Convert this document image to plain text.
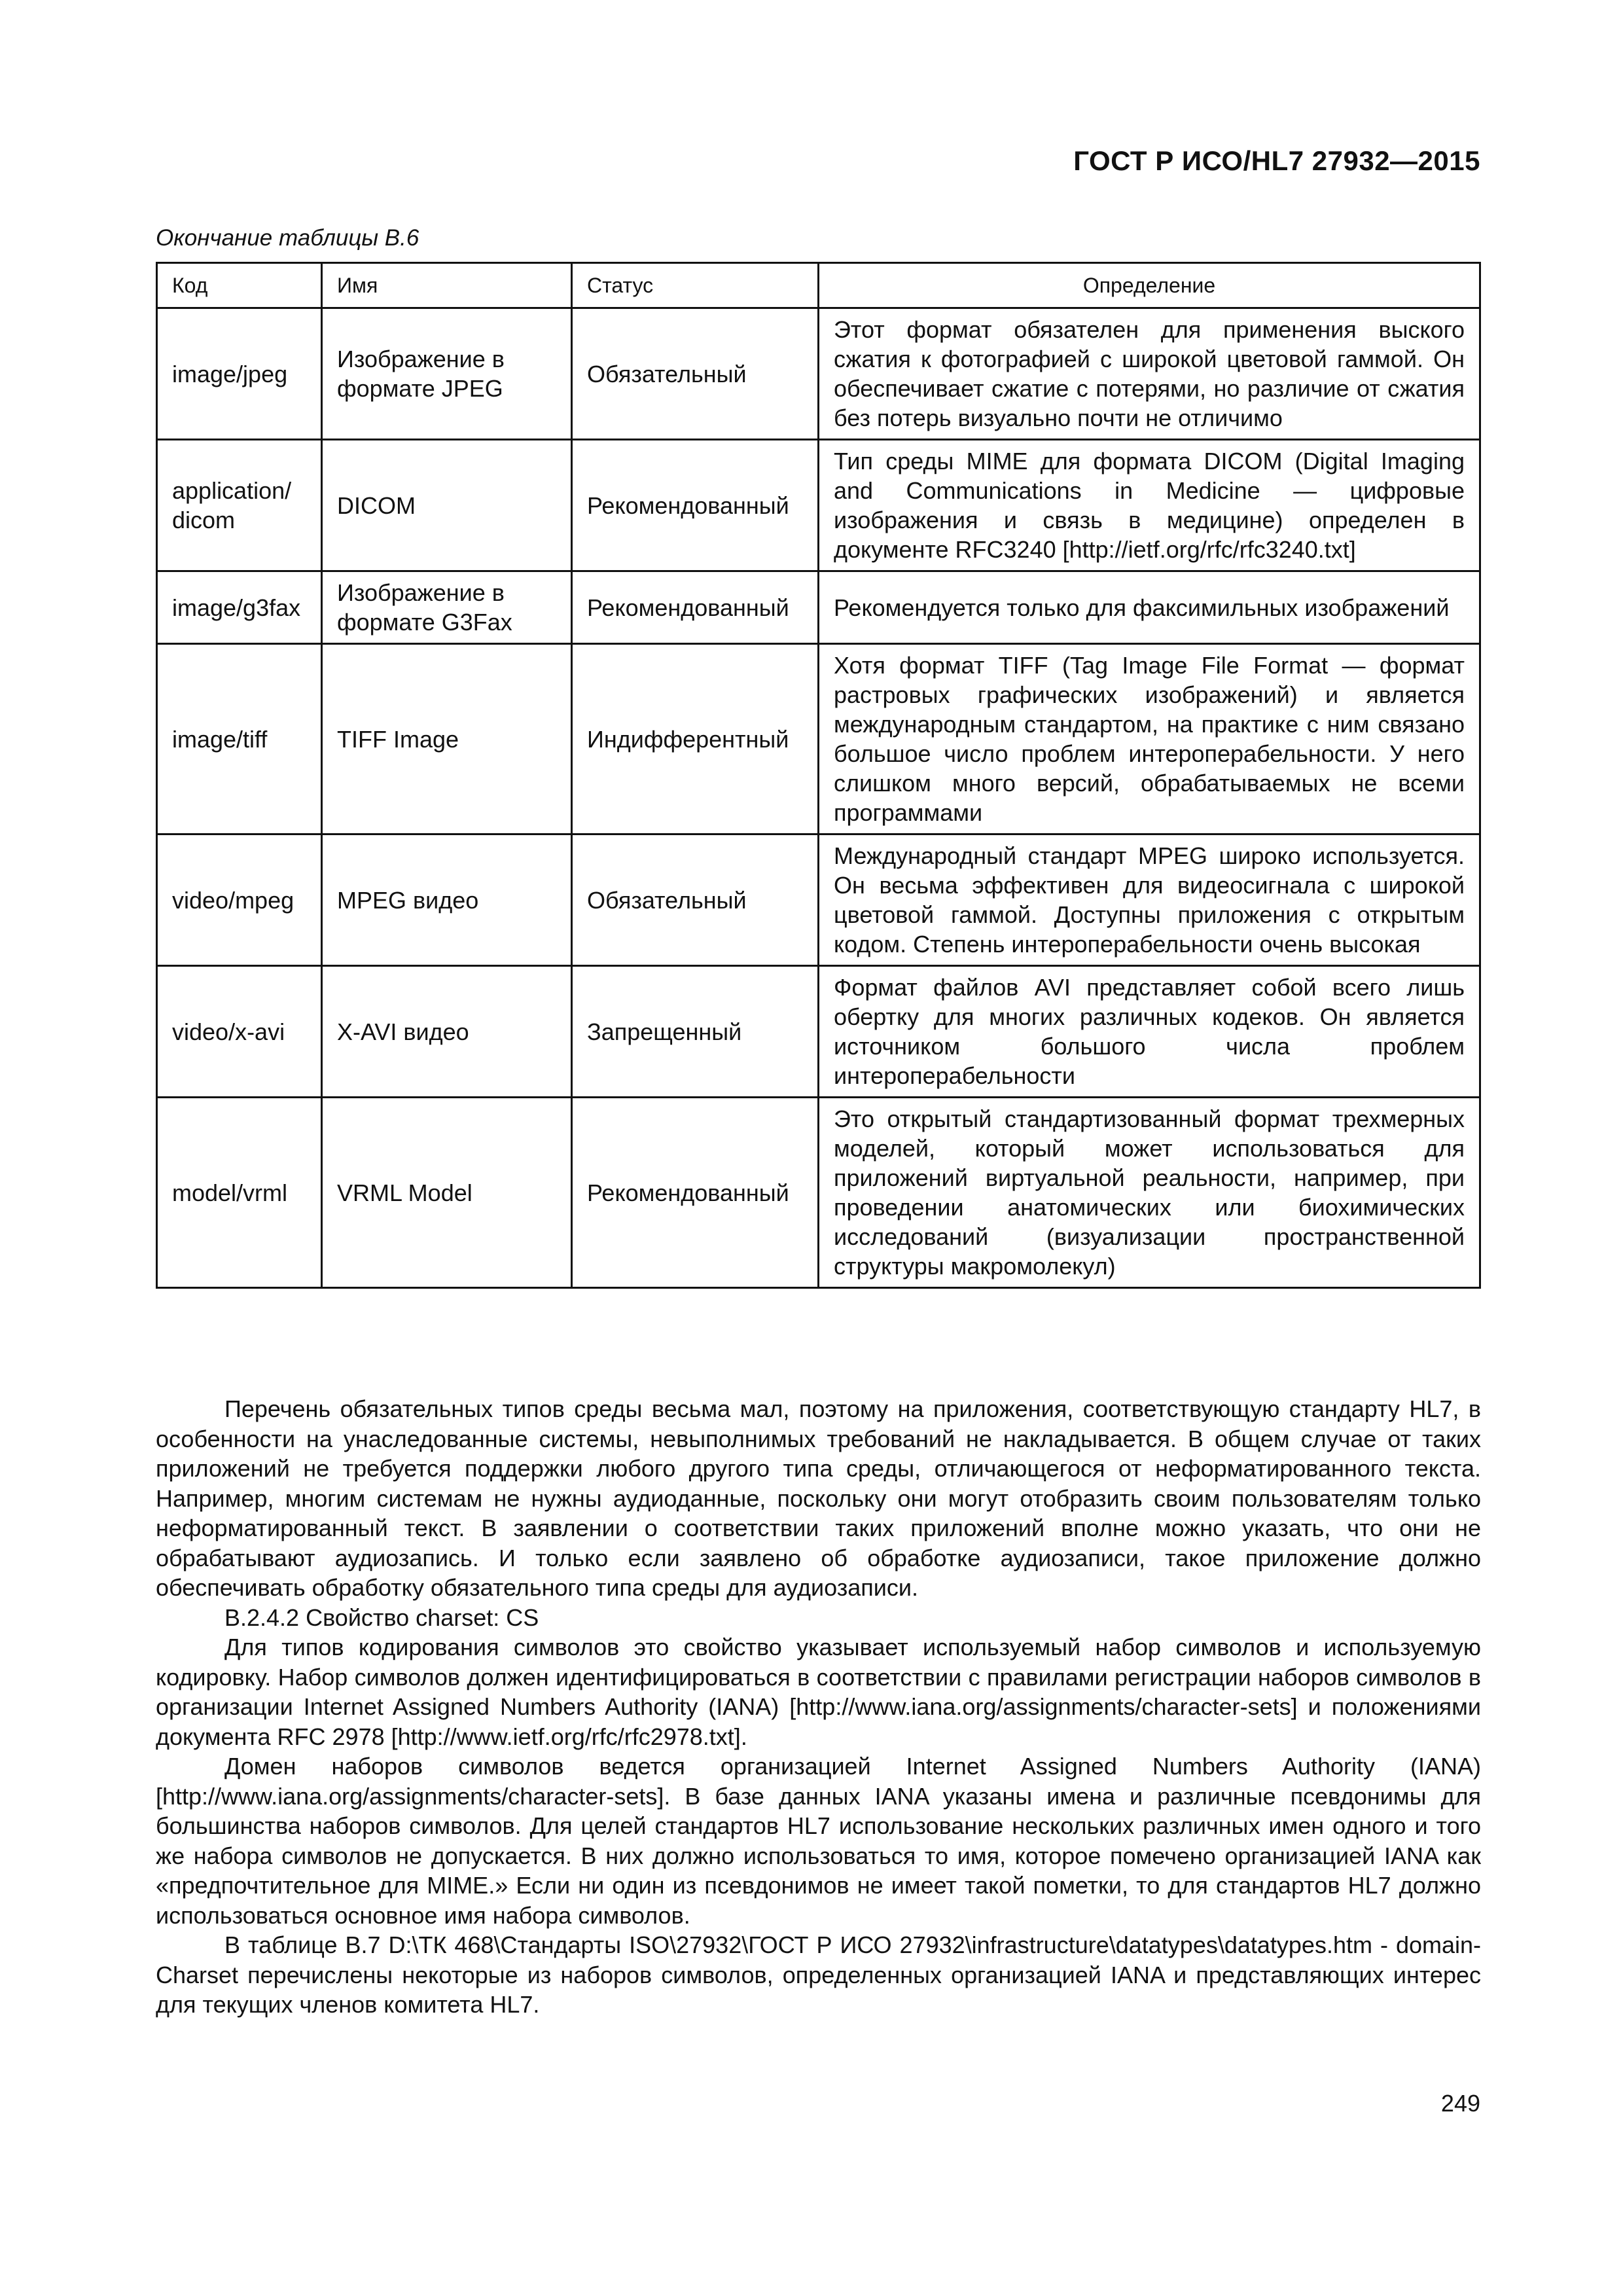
ГОСТ Р ИСО/HL7 27932—2015
Окончание таблицы В.6
Код	Имя	Статус	Определение
image/jpeg	Изображение в формате JPEG	Обязательный	Этот формат обязателен для применения выского сжатия к фотографией с широкой цветовой гаммой. Он обеспечивает сжатие с потерями, но различие от сжатия без потерь визуально почти не отличимо
application/ dicom	DICOM	Рекомендованный	Тип среды MIME для формата DICOM (Digital Imaging and Communications in Medicine — цифровые изображения и связь в медицине) определен в документе RFC3240 [http://ietf.org/rfc/rfc3240.txt]
image/g3fax	Изображение в формате G3Fax	Рекомендованный	Рекомендуется только для факсимильных изображений
image/tiff	TIFF Image	Индифферентный	Хотя формат TIFF (Tag Image File Format — формат растровых графических изображений) и является международным стандартом, на практике с ним связано большое число проблем интероперабельности. У него слишком много версий, обрабатываемых не всеми программами
video/mpeg	MPEG видео	Обязательный	Международный стандарт MPEG широко используется. Он весьма эффективен для видеосигнала с широкой цветовой гаммой. Доступны приложения с открытым кодом. Степень интероперабельности очень высокая
video/x-avi	X-AVI видео	Запрещенный	Формат файлов AVI представляет собой всего лишь обертку для многих различных кодеков. Он является источником большого числа проблем интероперабельности
model/vrml	VRML Model	Рекомендованный	Это открытый стандартизованный формат трехмерных моделей, который может использоваться для приложений виртуальной реальности, например, при проведении анатомических или биохимических исследований (визуализации пространственной структуры макромолекул)

Перечень обязательных типов среды весьма мал, поэтому на приложения, соответствующую стандарту HL7, в особенности на унаследованные системы, невыполнимых требований не накладывается. В общем случае от таких приложений не требуется поддержки любого другого типа среды, отличающегося от неформатированного текста. Например, многим системам не нужны аудиоданные, поскольку они могут отобразить своим пользователям только неформатированный текст. В заявлении о соответствии таких приложений вполне можно указать, что они не обрабатывают аудиозапись. И только если заявлено об обработке аудиозаписи, такое приложение должно обеспечивать обработку обязательного типа среды для аудиозаписи.

В.2.4.2 Свойство charset: CS

Для типов кодирования символов это свойство указывает используемый набор символов и используемую кодировку. Набор символов должен идентифицироваться в соответствии с правилами регистрации наборов символов в организации Internet Assigned Numbers Authority (IANA) [http://www.iana.org/assignments/character-sets] и положениями документа RFC 2978 [http://www.ietf.org/rfc/rfc2978.txt].

Домен наборов символов ведется организацией Internet Assigned Numbers Authority (IANA) [http://www.iana.org/assignments/character-sets]. В базе данных IANA указаны имена и различные псевдонимы для большинства наборов символов. Для целей стандартов HL7 использование нескольких различных имен одного и того же набора символов не допускается. В них должно использоваться то имя, которое помечено организацией IANA как «предпочтительное для MIME.» Если ни один из псевдонимов не имеет такой пометки, то для стандартов HL7 должно использоваться основное имя набора символов.

В таблице В.7 D:\ТК 468\Стандарты ISO\27932\ГОСТ Р ИСО 27932\infrastructure\datatypes\datatypes.htm - domain-Charset перечислены некоторые из наборов символов, определенных организацией IANA и представляющих интерес для текущих членов комитета HL7.

249
